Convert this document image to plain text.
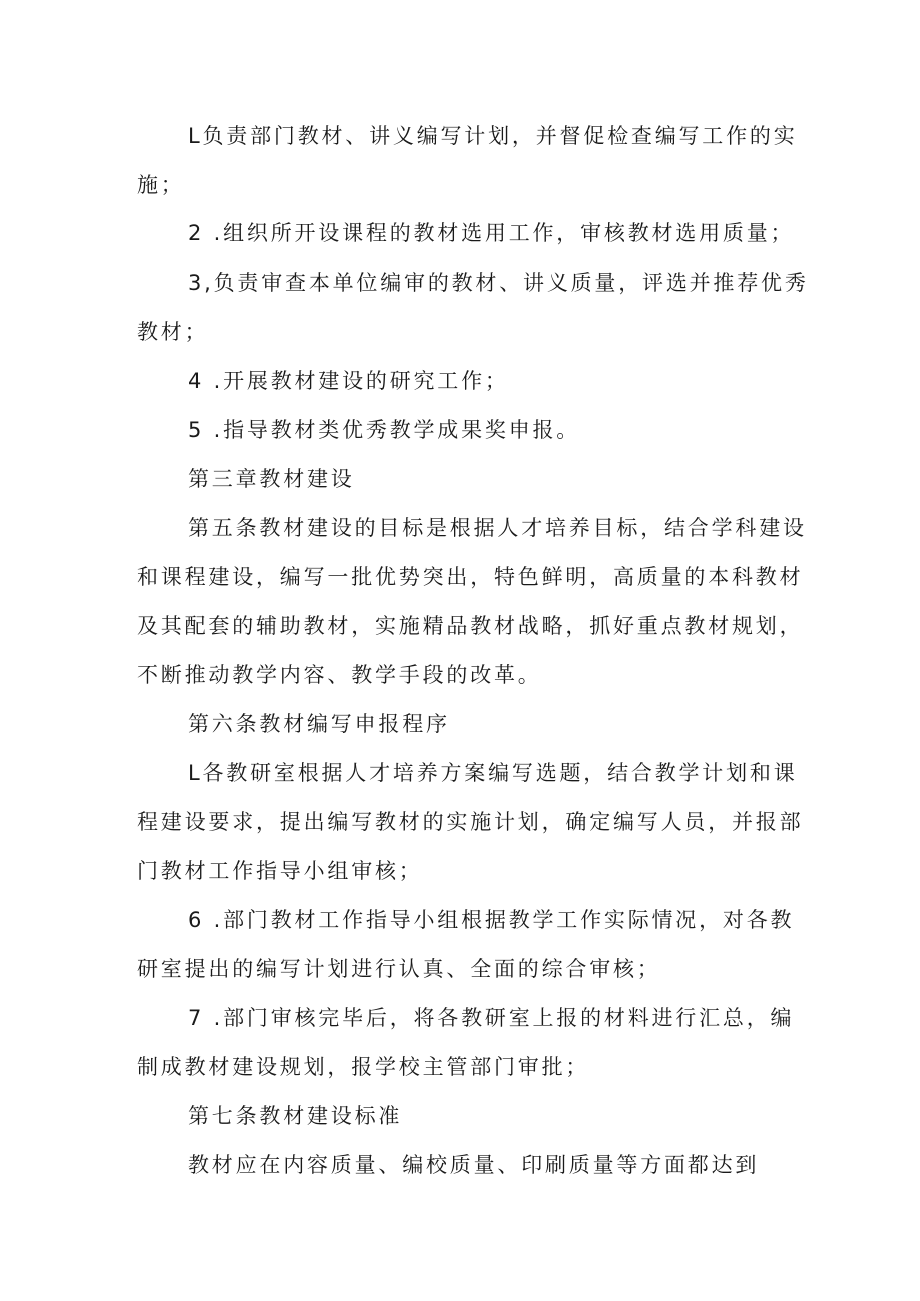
L负责部门教材、讲义编写计划，并督促检查编写工作的实
施；
2 .组织所开设课程的教材选用工作，审核教材选用质量；
3,负责审查本单位编审的教材、讲义质量，评选并推荐优秀
教材；
4 .开展教材建设的研究工作；
5 .指导教材类优秀教学成果奖申报。
第三章教材建设
第五条教材建设的目标是根据人才培养目标，结合学科建设
和课程建设，编写一批优势突出，特色鲜明，高质量的本科教材
及其配套的辅助教材，实施精品教材战略，抓好重点教材规划，
不断推动教学内容、教学手段的改革。
第六条教材编写申报程序
L各教研室根据人才培养方案编写选题，结合教学计划和课
程建设要求，提出编写教材的实施计划，确定编写人员，并报部
门教材工作指导小组审核；
6 .部门教材工作指导小组根据教学工作实际情况，对各教
研室提出的编写计划进行认真、全面的综合审核；
7 .部门审核完毕后，将各教研室上报的材料进行汇总，编
制成教材建设规划，报学校主管部门审批；
第七条教材建设标准
教材应在内容质量、编校质量、印刷质量等方面都达到
